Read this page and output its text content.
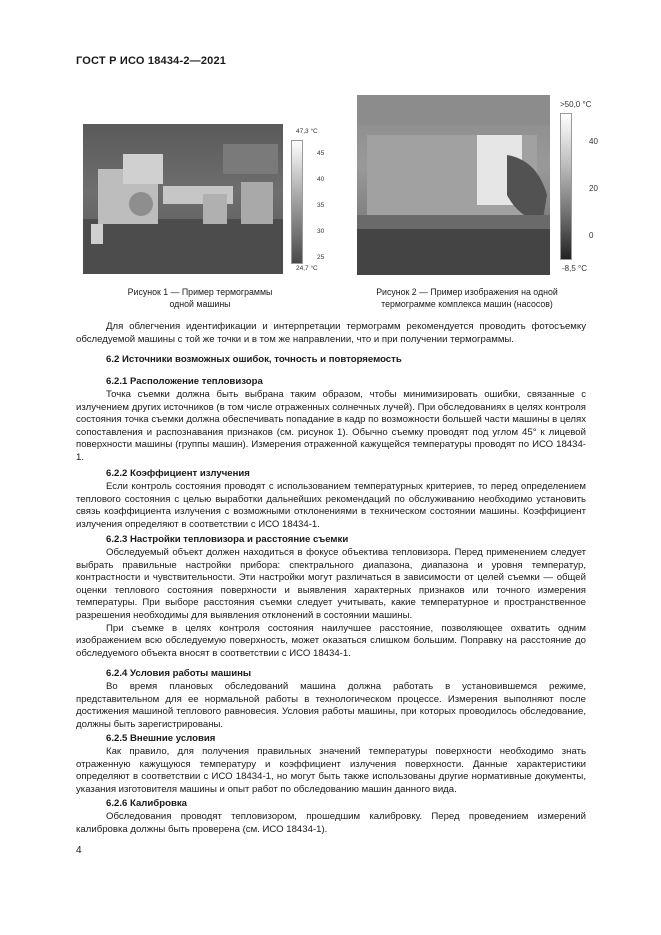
ГОСТ Р ИСО 18434-2—2021
47,3 °C
45
40
35
30
25
24,7 °C
Рисунок 1 — Пример термограммы
одной машины
>50,0 °C
40
20
0
-8,5 °C
Рисунок 2 — Пример изображения на одной
термограмме комплекса машин (насосов)

Для облегчения идентификации и интерпретации термограмм рекомендуется проводить фотосъемку обследуемой машины с той же точки и в том же направлении, что и при получении термограммы.

6.2 Источники возможных ошибок, точность и повторяемость
6.2.1 Расположение тепловизора

Точка съемки должна быть выбрана таким образом, чтобы минимизировать ошибки, связанные с излучением других источников (в том числе отраженных солнечных лучей). При обследованиях в целях контроля состояния точка съемки должна обеспечивать попадание в кадр по возможности большей части машины в целях сопоставления и распознавания признаков (см. рисунок 1). Обычно съемку проводят под углом 45° к лицевой поверхности машины (группы машин). Измерения отраженной кажущейся температуры проводят по ИСО 18434-1.

6.2.2 Коэффициент излучения

Если контроль состояния проводят с использованием температурных критериев, то перед определением теплового состояния с целью выработки дальнейших рекомендаций по обслуживанию необходимо установить связь коэффициента излучения с возможными отклонениями в техническом состоянии машины. Коэффициент излучения определяют в соответствии с ИСО 18434-1.

6.2.3 Настройки тепловизора и расстояние съемки

Обследуемый объект должен находиться в фокусе объектива тепловизора. Перед применением следует выбрать правильные настройки прибора: спектрального диапазона, диапазона и уровня температур, контрастности и чувствительности. Эти настройки могут различаться в зависимости от целей съемки — общей оценки теплового состояния поверхности и выявления характерных признаков или точного измерения температуры. При выборе расстояния съемки следует учитывать, какие температурное и пространственное разрешения необходимы для выявления отклонений в состоянии машины.

При съемке в целях контроля состояния наилучшее расстояние, позволяющее охватить одним изображением всю обследуемую поверхность, может оказаться слишком большим. Поправку на расстояние до обследуемого объекта вносят в соответствии с ИСО 18434-1.

6.2.4 Условия работы машины

Во время плановых обследований машина должна работать в установившемся режиме, представительном для ее нормальной работы в технологическом процессе. Измерения выполняют после достижения машиной теплового равновесия. Условия работы машины, при которых проводилось обследование, должны быть зарегистрированы.

6.2.5 Внешние условия

Как правило, для получения правильных значений температуры поверхности необходимо знать отраженную кажущуюся температуру и коэффициент излучения поверхности. Данные характеристики определяют в соответствии с ИСО 18434-1, но могут быть также использованы другие нормативные документы, указания изготовителя машины и опыт работ по обследованию машин данного вида.

6.2.6 Калибровка

Обследования проводят тепловизором, прошедшим калибровку. Перед проведением измерений калибровка должны быть проверена (см. ИСО 18434-1).

4
